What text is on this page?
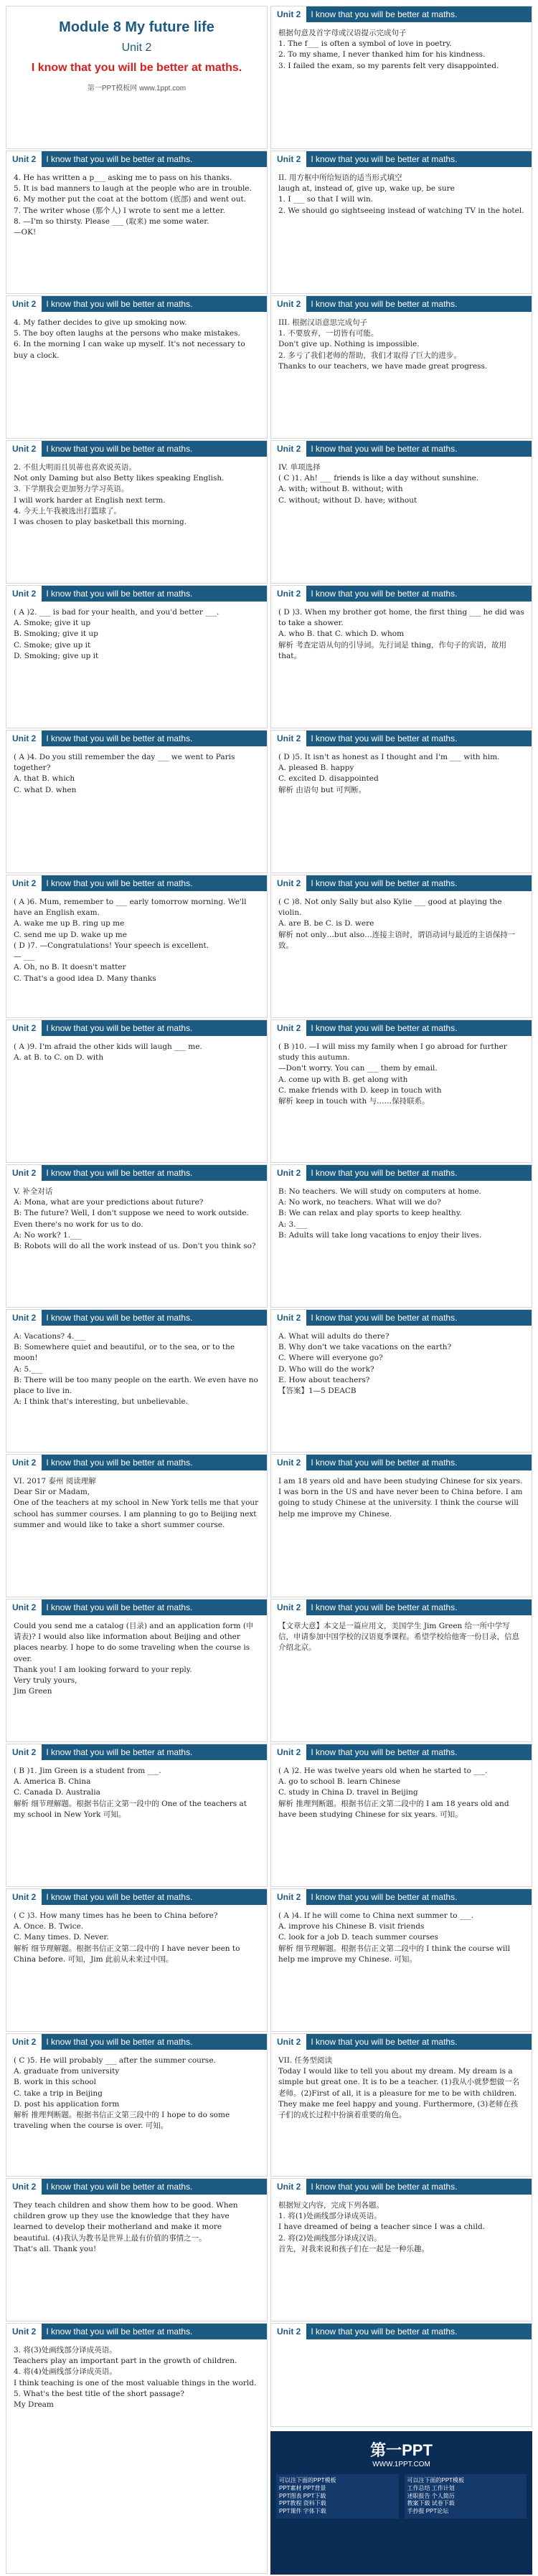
Module 8 My future life
Unit 2
I know that you will be better at maths.
第一PPT模板网 www.1ppt.com
Unit 2	I know that you will be better at maths.
根据句意及首字母或汉语提示完成句子
1. The f___ is often a symbol of love in poetry.
2. To my shame, I never thanked him for his kindness.
3. I failed the exam, so my parents felt very disappointed.
Unit 2	I know that you will be better at maths.
4. He has written a p___ asking me to pass on his thanks.
5. It is bad manners to laugh at the people who are in trouble.
6. My mother put the coat at the bottom (底部) and went out.
7. The writer whose (那个人) I wrote to sent me a letter.
8. —I'm so thirsty. Please ___ (取来) me some water.
—OK!
Unit 2	I know that you will be better at maths.
II. 用方框中所给短语的适当形式填空
laugh at, instead of, give up, wake up, be sure
1. I ___ so that I will win.
2. We should go sightseeing instead of watching TV in the hotel.
Unit 2	I know that you will be better at maths.
4. My father decides to give up smoking now.
5. The boy often laughs at the persons who make mistakes.
6. In the morning I can wake up myself. It's not necessary to buy a clock.
Unit 2	I know that you will be better at maths.
III. 根据汉语意思完成句子
1. 不要放弃，一切皆有可能。
Don't give up. Nothing is impossible.
2. 多亏了我们老师的帮助，我们才取得了巨大的进步。
Thanks to our teachers, we have made great progress.
Unit 2	I know that you will be better at maths.
2. 不但大明而且贝蒂也喜欢说英语。
Not only Daming but also Betty likes speaking English.
3. 下学期我会更加努力学习英语。
I will work harder at English next term.
4. 今天上午我被选出打篮球了。
I was chosen to play basketball this morning.
Unit 2	I know that you will be better at maths.
IV. 单项选择
( C )1. Ah! ___ friends is like a day without sunshine.
A. with; without B. without; with
C. without; without D. have; without
Unit 2	I know that you will be better at maths.
( A )2. ___ is bad for your health, and you'd better ___.
A. Smoke; give it up
B. Smoking; give it up
C. Smoke; give up it
D. Smoking; give up it
Unit 2	I know that you will be better at maths.
( D )3. When my brother got home, the first thing ___ he did was to take a shower.
A. who B. that C. which D. whom
解析 考查定语从句的引导词。先行词是 thing，作句子的宾语，故用 that。
Unit 2	I know that you will be better at maths.
( A )4. Do you still remember the day ___ we went to Paris together?
A. that B. which
C. what D. when
Unit 2	I know that you will be better at maths.
( D )5. It isn't as honest as I thought and I'm ___ with him.
A. pleased B. happy
C. excited D. disappointed
解析 由语句 but 可判断。
Unit 2	I know that you will be better at maths.
( A )6. Mum, remember to ___ early tomorrow morning. We'll have an English exam.
A. wake me up B. ring up me
C. send me up D. wake up me
( D )7. —Congratulations! Your speech is excellent.
— ___
A. Oh, no B. It doesn't matter
C. That's a good idea D. Many thanks
Unit 2	I know that you will be better at maths.
( C )8. Not only Sally but also Kylie ___ good at playing the violin.
A. are B. be C. is D. were
解析 not only…but also…连接主语时，谓语动词与最近的主语保持一致。
Unit 2	I know that you will be better at maths.
( A )9. I'm afraid the other kids will laugh ___ me.
A. at B. to C. on D. with
Unit 2	I know that you will be better at maths.
( B )10. —I will miss my family when I go abroad for further study this autumn.
—Don't worry. You can ___ them by email.
A. come up with B. get along with
C. make friends with D. keep in touch with
解析 keep in touch with 与……保持联系。
Unit 2	I know that you will be better at maths.
V. 补全对话
A: Mona, what are your predictions about future?
B: The future? Well, I don't suppose we need to work outside. Even there's no work for us to do.
A: No work? 1.___
B: Robots will do all the work instead of us. Don't you think so?
Unit 2	I know that you will be better at maths.
B: No teachers. We will study on computers at home.
A: No work, no teachers. What will we do?
B: We can relax and play sports to keep healthy.
A: 3.___
B: Adults will take long vacations to enjoy their lives.
Unit 2	I know that you will be better at maths.
A: Vacations? 4.___
B: Somewhere quiet and beautiful, or to the sea, or to the moon!
A: 5.___
B: There will be too many people on the earth. We even have no place to live in.
A: I think that's interesting, but unbelievable.
Unit 2	I know that you will be better at maths.
A. What will adults do there?
B. Why don't we take vacations on the earth?
C. Where will everyone go?
D. Who will do the work?
E. How about teachers?
【答案】1—5 DEACB
Unit 2	I know that you will be better at maths.
VI. 2017 泰州 阅读理解
Dear Sir or Madam,
One of the teachers at my school in New York tells me that your school has summer courses. I am planning to go to Beijing next summer and would like to take a short summer course.
Unit 2	I know that you will be better at maths.
I am 18 years old and have been studying Chinese for six years. I was born in the US and have never been to China before. I am going to study Chinese at the university. I think the course will help me improve my Chinese.
Unit 2	I know that you will be better at maths.
Could you send me a catalog (目录) and an application form (申请表)? I would also like information about Beijing and other places nearby. I hope to do some traveling when the course is over.
Thank you! I am looking forward to your reply.
Very truly yours,
Jim Green
Unit 2	I know that you will be better at maths.
【文章大意】本文是一篇应用文，美国学生 Jim Green 给一所中学写信，申请参加中国学校的汉语夏季课程。希望学校给他寄一份目录，信息介绍北京。
Unit 2	I know that you will be better at maths.
( B )1. Jim Green is a student from ___.
A. America B. China
C. Canada D. Australia
解析 细节理解题。根据书信正文第一段中的 One of the teachers at my school in New York 可知。
Unit 2	I know that you will be better at maths.
( A )2. He was twelve years old when he started to ___.
A. go to school B. learn Chinese
C. study in China D. travel in Beijing
解析 推理判断题。根据书信正文第二段中的 I am 18 years old and have been studying Chinese for six years. 可知。
Unit 2	I know that you will be better at maths.
( C )3. How many times has he been to China before?
A. Once. B. Twice.
C. Many times. D. Never.
解析 细节理解题。根据书信正文第二段中的 I have never been to China before. 可知，Jim 此前从未来过中国。
Unit 2	I know that you will be better at maths.
( A )4. If he will come to China next summer to ___.
A. improve his Chinese B. visit friends
C. look for a job D. teach summer courses
解析 细节理解题。根据书信正文第二段中的 I think the course will help me improve my Chinese. 可知。
Unit 2	I know that you will be better at maths.
( C )5. He will probably ___ after the summer course.
A. graduate from university
B. work in this school
C. take a trip in Beijing
D. post his application form
解析 推理判断题。根据书信正文第三段中的 I hope to do some traveling when the course is over. 可知。
Unit 2	I know that you will be better at maths.
VII. 任务型阅读
Today I would like to tell you about my dream. My dream is a simple but great one. It is to be a teacher. (1)我从小就梦想做一名老师。(2)First of all, it is a pleasure for me to be with children. They make me feel happy and young. Furthermore, (3)老师在孩子们的成长过程中扮演着重要的角色。
Unit 2	I know that you will be better at maths.
They teach children and show them how to be good. When children grow up they use the knowledge that they have learned to develop their motherland and make it more beautiful. (4)我认为教书是世界上最有价值的事情之一。
That's all. Thank you!
Unit 2	I know that you will be better at maths.
根据短文内容，完成下列各题。
1. 将(1)处画线部分译成英语。
I have dreamed of being a teacher since I was a child.
2. 将(2)处画线部分译成汉语。
首先，对我来说和孩子们在一起是一种乐趣。
Unit 2	I know that you will be better at maths.
3. 将(3)处画线部分译成英语。
Teachers play an important part in the growth of children.
4. 将(4)处画线部分译成英语。
I think teaching is one of the most valuable things in the world.
5. What's the best title of the short passage?
My Dream
Unit 2	I know that you will be better at maths.
第一PPT
WWW.1PPT.COM
可以注下面的PPT模板
PPT素材 PPT背景
PPT图表 PPT下载
PPT教程 资料下载
PPT课件 字体下载
可以注下面的PPT模板
工作总结 工作计划
述职报告 个人简历
教案下载 试卷下载
手抄报 PPT论坛
